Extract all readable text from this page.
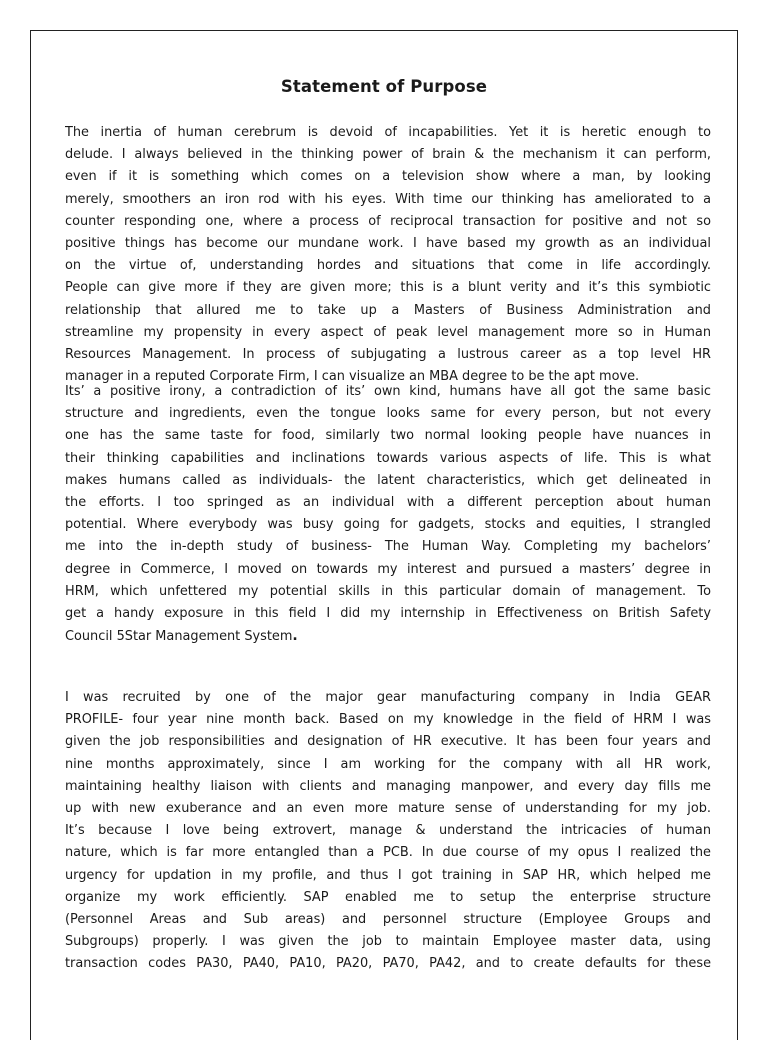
Statement of Purpose
The inertia of human cerebrum is devoid of incapabilities. Yet it is heretic enough to
delude. I always believed in the thinking power of brain & the mechanism it can perform,
even if it is something which comes on a television show where a man, by looking
merely, smoothers an iron rod with his eyes. With time our thinking has ameliorated to a
counter responding one, where a process of reciprocal transaction for positive and not so
positive things has become our mundane work. I have based my growth as an individual
on the virtue of, understanding hordes and situations that come in life accordingly.
People can give more if they are given more; this is a blunt verity and it’s this symbiotic
relationship that allured me to take up a Masters of Business Administration and
streamline my propensity in every aspect of peak level management more so in Human
Resources Management. In process of subjugating a lustrous career as a top level HR
manager in a reputed Corporate Firm, I can visualize an MBA degree to be the apt move.
Its’ a positive irony, a contradiction of its’ own kind, humans have all got the same basic
structure and ingredients, even the tongue looks same for every person, but not every
one has the same taste for food, similarly two normal looking people have nuances in
their thinking capabilities and inclinations towards various aspects of life. This is what
makes humans called as individuals- the latent characteristics, which get delineated in
the efforts. I too springed as an individual with a different perception about human
potential. Where everybody was busy going for gadgets, stocks and equities, I strangled
me into the in-depth study of business- The Human Way. Completing my bachelors’
degree in Commerce, I moved on towards my interest and pursued a masters’ degree in
HRM, which unfettered my potential skills in this particular domain of management. To
get a handy exposure in this field I did my internship in Effectiveness on British Safety
Council 5Star Management System.
I was recruited by one of the major gear manufacturing company in India GEAR
PROFILE- four year nine month back. Based on my knowledge in the field of HRM I was
given the job responsibilities and designation of HR executive. It has been four years and
nine months approximately, since I am working for the company with all HR work,
maintaining healthy liaison with clients and managing manpower, and every day fills me
up with new exuberance and an even more mature sense of understanding for my job.
It’s because I love being extrovert, manage & understand the intricacies of human
nature, which is far more entangled than a PCB. In due course of my opus I realized the
urgency for updation in my profile, and thus I got training in SAP HR, which helped me
organize my work efficiently. SAP enabled me to setup the enterprise structure
(Personnel Areas and Sub areas) and personnel structure (Employee Groups and
Subgroups) properly. I was given the job to maintain Employee master data, using
transaction codes PA30, PA40, PA10, PA20, PA70, PA42, and to create defaults for these
